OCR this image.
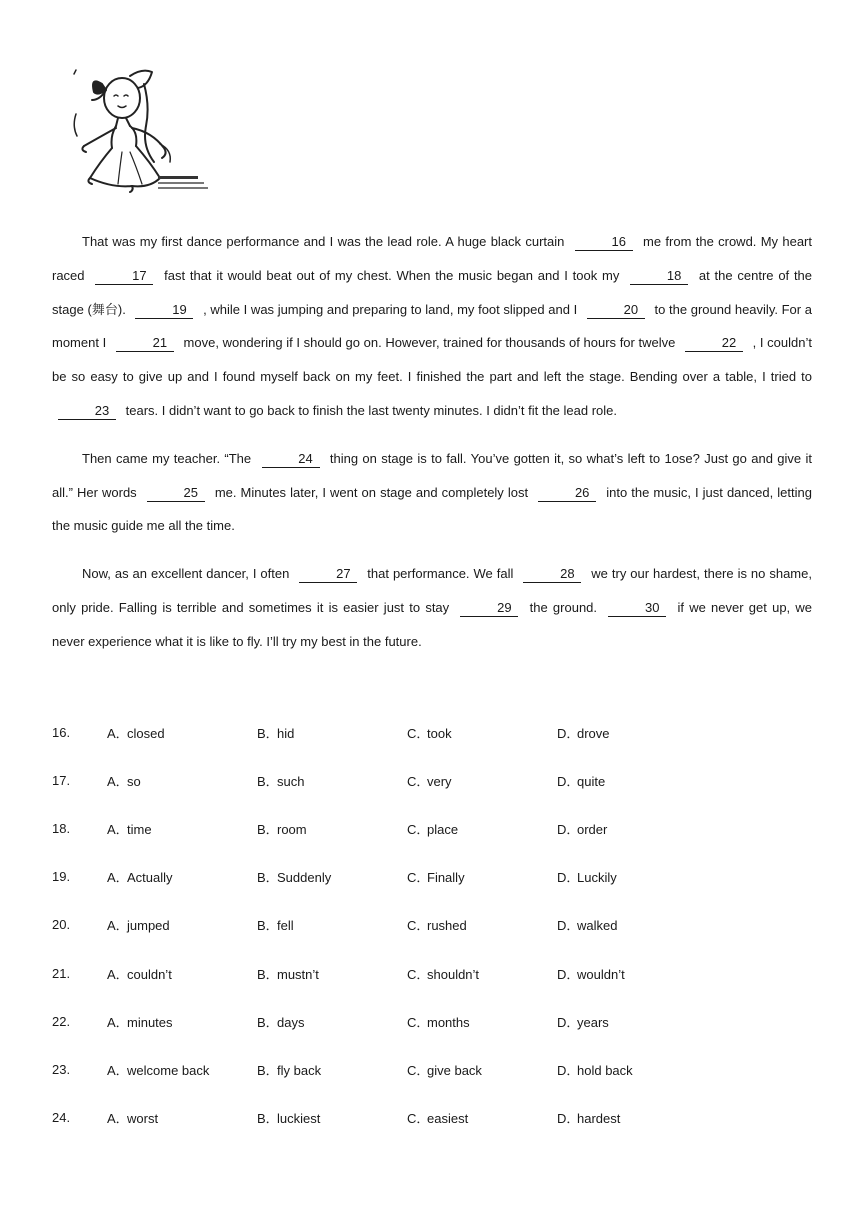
That was my first dance performance and I was the lead role. A huge black curtain	16 me from the crowd. My heart raced	17 fast that it would beat out of my chest. When the music began and I took my	18 at the centre of the stage (舞台).	19 , while I was jumping and preparing to land, my foot slipped and I	20 to the ground heavily. For a moment I	21 move, wondering if I should go on. However, trained for thousands of hours for twelve	22 , I couldn’t be so easy to give up and I found myself back on my feet. I finished the part and left the stage. Bending over a table, I tried to 23 tears. I didn’t want to go back to finish the last twenty minutes. I didn’t fit the lead role.

Then came my teacher. “The	24 thing on stage is to fall. You’ve gotten it, so what’s left to 1ose? Just go and give it all.” Her words	25 me. Minutes later, I went on stage and completely lost	26 into the music, I just danced, letting the music guide me all the time.

Now, as an excellent dancer, I often	27 that performance. We fall	28 we try our hardest, there is no shame, only pride. Falling is terrible and sometimes it is easier just to stay	29 the ground.	30 if we never get up, we never experience what it is like to fly. I’ll try my best in the future.

16.	A．closed	B．hid	C．took	D．drove
17.	A．so	B．such	C．very	D．quite
18.	A．time	B．room	C．place	D．order
19.	A．Actually	B．Suddenly	C．Finally	D．Luckily
20.	A．jumped	B．fell	C．rushed	D．walked
21.	A．couldn’t	B．mustn’t	C．shouldn’t	D．wouldn’t
22.	A．minutes	B．days	C．months	D．years
23.	A．welcome back	B．fly back	C．give back	D．hold back
24.	A．worst	B．luckiest	C．easiest	D．hardest
